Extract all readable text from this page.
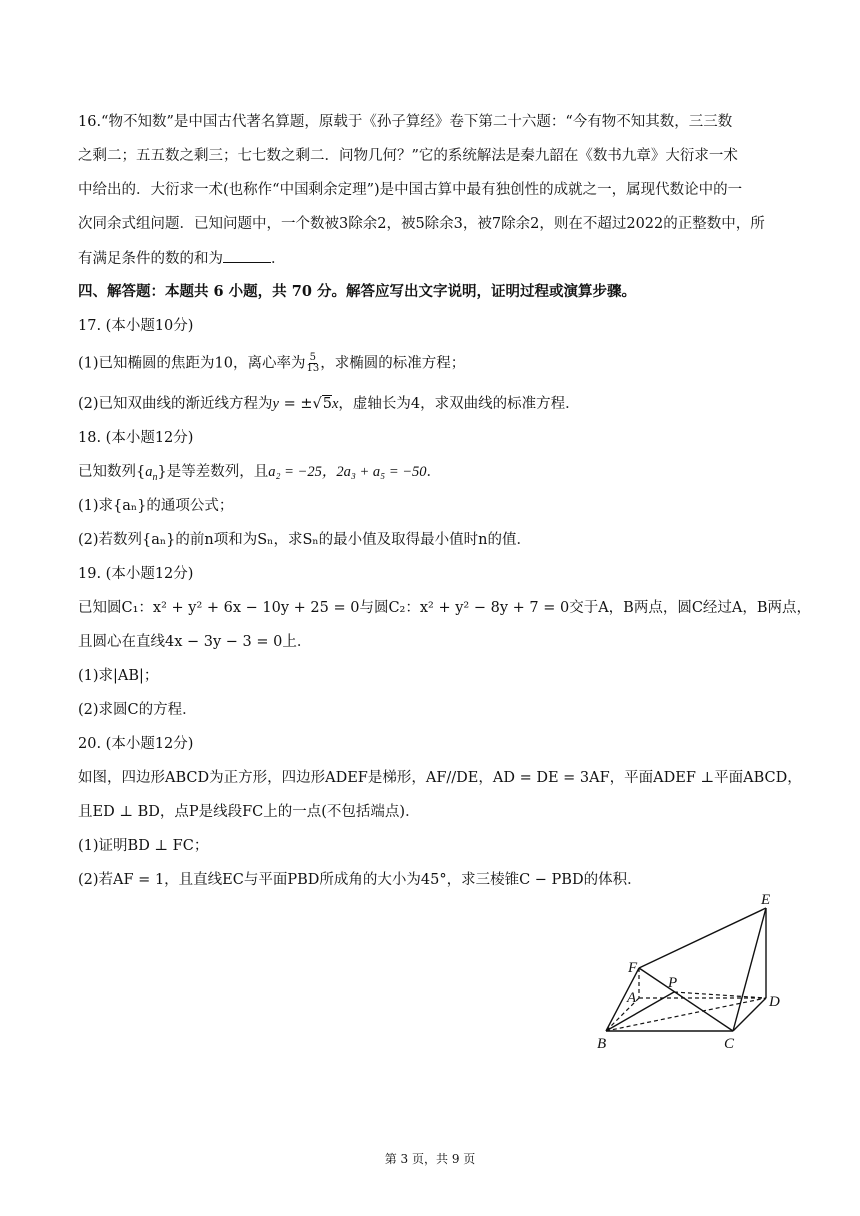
16.“物不知数”是中国古代著名算题，原载于《孙子算经》卷下第二十六题：“今有物不知其数，三三数
之剩二；五五数之剩三；七七数之剩二．问物几何？”它的系统解法是秦九韶在《数书九章》大衍求一术
中给出的．大衍求一术(也称作“中国剩余定理”)是中国古算中最有独创性的成就之一，属现代数论中的一
次同余式组问题．已知问题中，一个数被3除余2，被5除余3，被7除余2，则在不超过2022的正整数中，所
有满足条件的数的和为	．
四、解答题：本题共 6 小题，共 70 分。解答应写出文字说明，证明过程或演算步骤。
17. (本小题10分)
(1)已知椭圆的焦距为10，离心率为 $\frac{5}{13}$ ，求椭圆的标准方程；
(2)已知双曲线的渐近线方程为y = ±√5x，虚轴长为4，求双曲线的标准方程．
18. (本小题12分)
已知数列$\{a_n\}$是等差数列，且a₂ = −25，2a₃ + a₅ = −50．
(1)求{aₙ}的通项公式；
(2)若数列{aₙ}的前n项和为Sₙ，求Sₙ的最小值及取得最小值时n的值．
19. (本小题12分)
已知圆C₁：x² + y² + 6x − 10y + 25 = 0与圆C₂：x² + y² − 8y + 7 = 0交于A，B两点，圆C经过A，B两点，
且圆心在直线4x − 3y − 3 = 0上．
(1)求|AB|；
(2)求圆C的方程．
20. (本小题12分)
如图，四边形ABCD为正方形，四边形ADEF是梯形，AF//DE，AD = DE = 3AF，平面ADEF ⊥平面ABCD，
且ED ⊥ BD，点P是线段FC上的一点(不包括端点)．
(1)证明BD ⊥ FC；
(2)若AF = 1，且直线EC与平面PBD所成角的大小为45°，求三棱锥C − PBD的体积．
E
F
P
A	D
B	C
第 3 页，共 9 页
